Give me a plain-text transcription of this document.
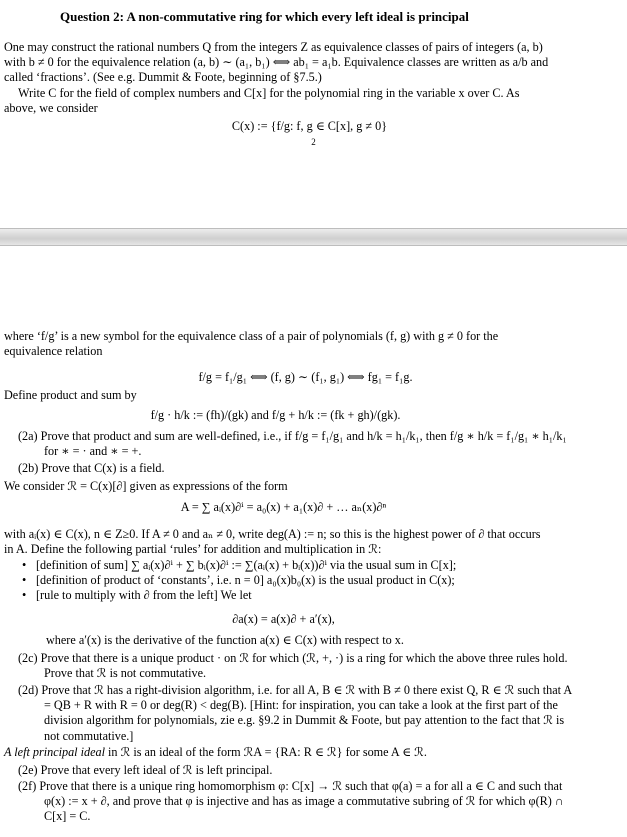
Question 2: A non-commutative ring for which every left ideal is principal

One may construct the rational numbers Q from the integers Z as equivalence classes of pairs of integers (a, b) with b ≠ 0 for the equivalence relation (a, b) ∼ (a₁, b₁) ⟺ ab₁ = a₁b. Equivalence classes are written as a/b and called ‘fractions’. (See e.g. Dummit & Foote, beginning of §7.5.)

Write C for the field of complex numbers and C[x] for the polynomial ring in the variable x over C. As above, we consider

C(x) := {f/g: f, g ∈ C[x], g ≠ 0}

2

where ‘f/g’ is a new symbol for the equivalence class of a pair of polynomials (f, g) with g ≠ 0 for the equivalence relation

f/g = f₁/g₁ ⟺ (f, g) ∼ (f₁, g₁) ⟺ fg₁ = f₁g.

Define product and sum by

f/g · h/k := (fh)/(gk) and f/g + h/k := (fk + gh)/(gk).

(2a) Prove that product and sum are well-defined, i.e., if f/g = f₁/g₁ and h/k = h₁/k₁, then f/g ∗ h/k = f₁/g₁ ∗ h₁/k₁ for ∗ = · and ∗ = +.

(2b) Prove that C(x) is a field.

We consider ℛ = C(x)[∂] given as expressions of the form

A = ∑ aᵢ(x)∂ⁱ = a₀(x) + a₁(x)∂ + … aₙ(x)∂ⁿ

with aᵢ(x) ∈ C(x), n ∈ Z≥0. If A ≠ 0 and aₙ ≠ 0, write deg(A) := n; so this is the highest power of ∂ that occurs in A. Define the following partial ‘rules’ for addition and multiplication in ℛ:

• [definition of sum] ∑ aᵢ(x)∂ⁱ + ∑ bᵢ(x)∂ⁱ := ∑(aᵢ(x) + bᵢ(x))∂ⁱ via the usual sum in C[x];
• [definition of product of ‘constants’, i.e. n = 0] a₀(x)b₀(x) is the usual product in C(x);
• [rule to multiply with ∂ from the left] We let

∂a(x) = a(x)∂ + a′(x),

where a′(x) is the derivative of the function a(x) ∈ C(x) with respect to x.

(2c) Prove that there is a unique product · on ℛ for which (ℛ, +, ·) is a ring for which the above three rules hold. Prove that ℛ is not commutative.

(2d) Prove that ℛ has a right-division algorithm, i.e. for all A, B ∈ ℛ with B ≠ 0 there exist Q, R ∈ ℛ such that A = QB + R with R = 0 or deg(R) < deg(B). [Hint: for inspiration, you can take a look at the first part of the division algorithm for polynomials, zie e.g. §9.2 in Dummit & Foote, but pay attention to the fact that ℛ is not commutative.]

A left principal ideal in ℛ is an ideal of the form ℛA = {RA: R ∈ ℛ} for some A ∈ ℛ.

(2e) Prove that every left ideal of ℛ is left principal.

(2f) Prove that there is a unique ring homomorphism φ: C[x] → ℛ such that φ(a) = a for all a ∈ C and such that φ(x) := x + ∂, and prove that φ is injective and has as image a commutative subring of ℛ for which φ(R) ∩ C[x] = C.
